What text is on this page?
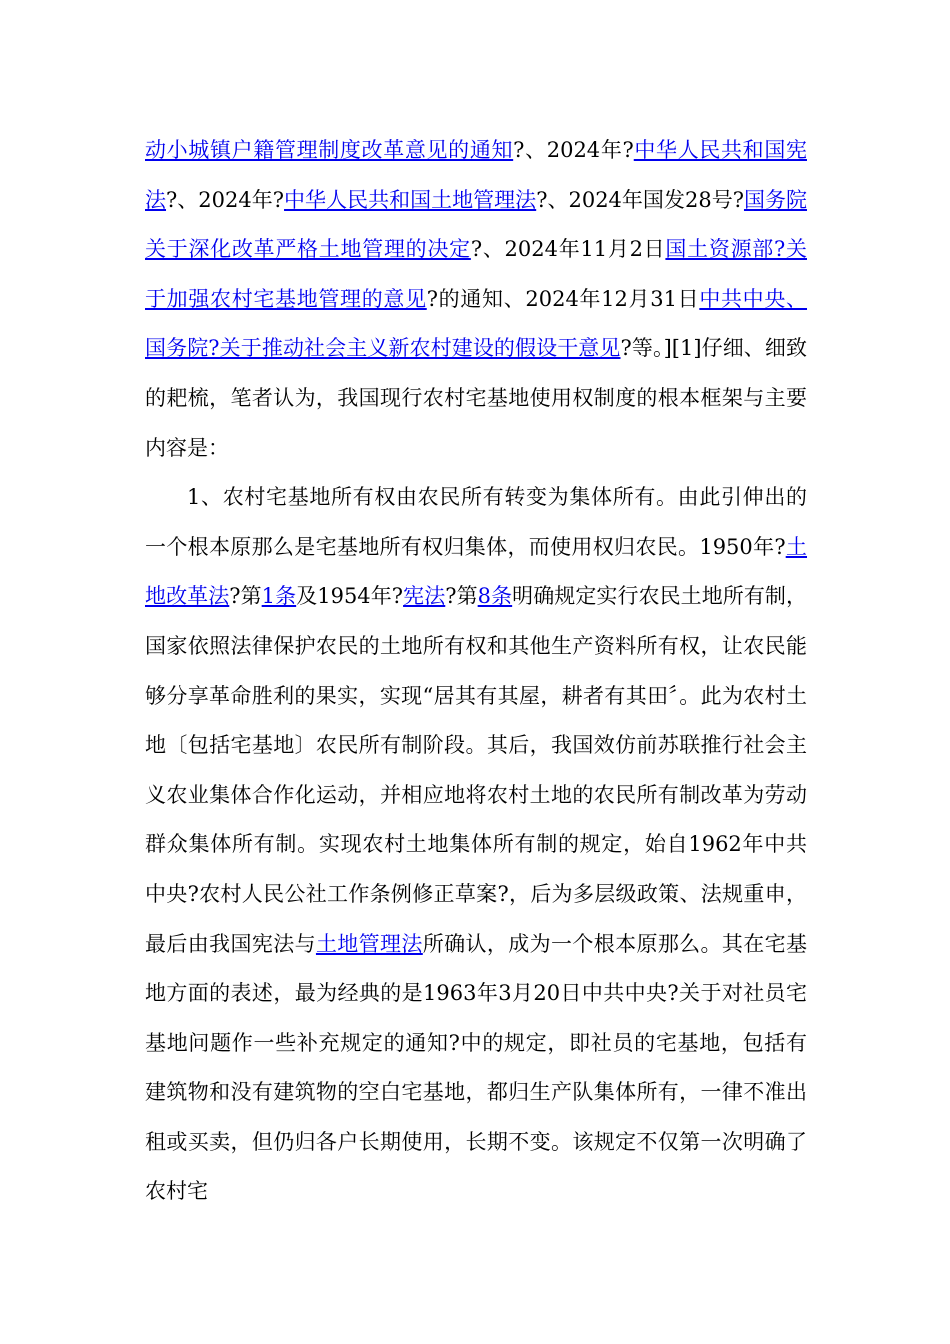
动小城镇户籍管理制度改革意见的通知?、2024年?中华人民共和国宪法?、2024年?中华人民共和国土地管理法?、2024年国发28号?国务院关于深化改革严格土地管理的决定?、2024年11月2日国土资源部?关于加强农村宅基地管理的意见?的通知、2024年12月31日中共中央、国务院?关于推动社会主义新农村建设的假设干意见?等。][1]仔细、细致的耙梳，笔者认为，我国现行农村宅基地使用权制度的根本框架与主要内容是：

1、农村宅基地所有权由农民所有转变为集体所有。由此引伸出的一个根本原那么是宅基地所有权归集体，而使用权归农民。1950年?土地改革法?第1条及1954年?宪法?第8条明确规定实行农民土地所有制，国家依照法律保护农民的土地所有权和其他生产资料所有权，让农民能够分享革命胜利的果实，实现“居其有其屋，耕者有其田〞。此为农村土地〔包括宅基地〕农民所有制阶段。其后，我国效仿前苏联推行社会主义农业集体合作化运动，并相应地将农村土地的农民所有制改革为劳动群众集体所有制。实现农村土地集体所有制的规定，始自1962年中共中央?农村人民公社工作条例修正草案?，后为多层级政策、法规重申，最后由我国宪法与土地管理法所确认，成为一个根本原那么。其在宅基地方面的表述，最为经典的是1963年3月20日中共中央?关于对社员宅基地问题作一些补充规定的通知?中的规定，即社员的宅基地，包括有建筑物和没有建筑物的空白宅基地，都归生产队集体所有，一律不准出租或买卖，但仍归各户长期使用，长期不变。该规定不仅第一次明确了农村宅
